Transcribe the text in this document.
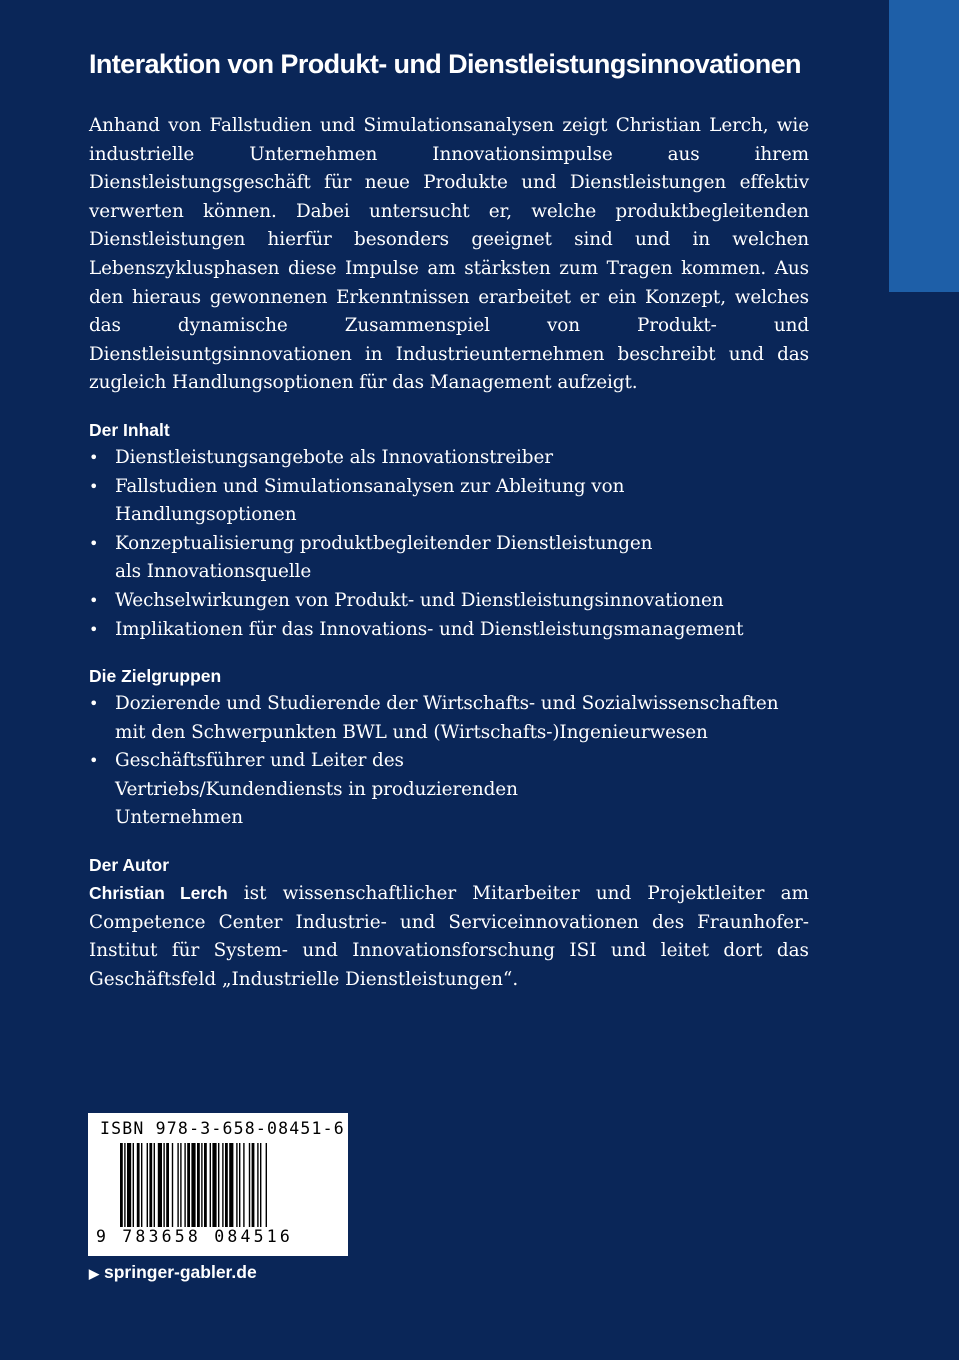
Interaktion von Produkt- und Dienstleistungsinnovationen

Anhand von Fallstudien und Simulationsanalysen zeigt Christian Lerch, wie industrielle Unternehmen Innovationsimpulse aus ihrem Dienstleistungsgeschäft für neue Produkte und Dienstleistungen effektiv verwerten können. Dabei untersucht er, welche produktbegleitenden Dienstleistungen hierfür besonders geeignet sind und in welchen Lebenszyklusphasen diese Impulse am stärksten zum Tragen kommen. Aus den hieraus gewonnenen Erkenntnissen erarbeitet er ein Konzept, welches das dynamische Zusammenspiel von Produkt- und Dienstleisuntgsinnovationen in Industrieunternehmen beschreibt und das zugleich Handlungsoptionen für das Management aufzeigt.

Der Inhalt
• Dienstleistungsangebote als Innovationstreiber
• Fallstudien und Simulationsanalysen zur Ableitung von Handlungsoptionen
• Konzeptualisierung produktbegleitender Dienstleistungen als Innovationsquelle
• Wechselwirkungen von Produkt- und Dienstleistungsinnovationen
• Implikationen für das Innovations- und Dienstleistungsmanagement
Die Zielgruppen
• Dozierende und Studierende der Wirtschafts- und Sozialwissenschaften mit den Schwerpunkten BWL und (Wirtschafts-)Ingenieurwesen
• Geschäftsführer und Leiter des Vertriebs/Kundendiensts in produzierenden Unternehmen
Der Autor

Christian Lerch ist wissenschaftlicher Mitarbeiter und Projektleiter am Competence Center Industrie- und Serviceinnovationen des Fraunhofer-Institut für System- und Innovationsforschung ISI und leitet dort das Geschäftsfeld „Industrielle Dienstleistungen“.

ISBN 978-3-658-08451-6
9 783658 084516
▶ springer-gabler.de
